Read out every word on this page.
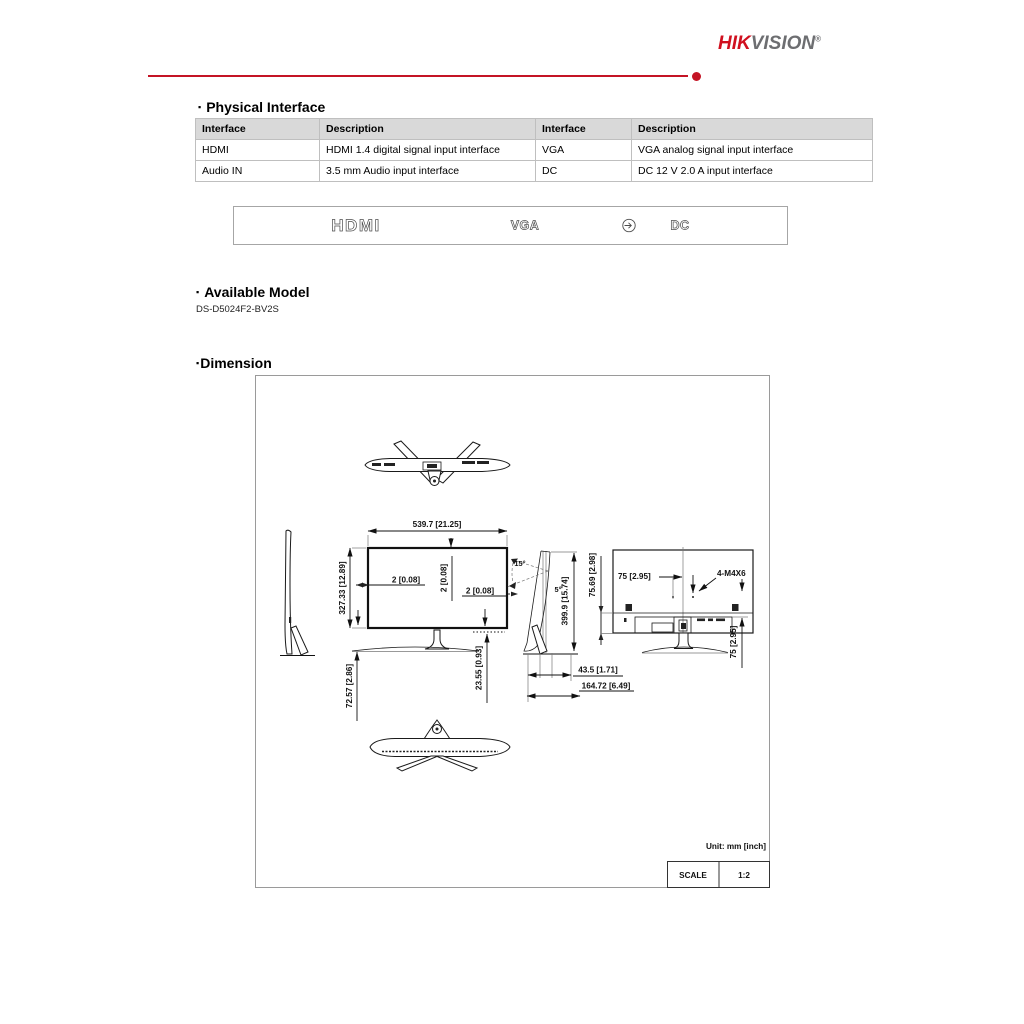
HIKVISION®
▪ Physical Interface
Interface	Description	Interface	Description
HDMI	HDMI 1.4 digital signal input interface	VGA	VGA analog signal input interface
Audio IN	3.5 mm Audio input interface	DC	DC 12 V 2.0 A input interface
HDMI	VGA	DC
▪ Available Model
DS-D5024F2-BV2S
▪ Dimension
539.7 [21.25]
327.33 [12.89]	2 [0.08] 2 [0.08] 2 [0.08]
72.57 [2.86]	23.55 [0.93]
15°
5°
399.9 [15.74]
43.5 [1.71]
164.72 [6.49]
75 [2.95]	4-M4X6
75.69 [2.98]
75 [2.95]
Unit: mm [inch]
SCALE	1:2
